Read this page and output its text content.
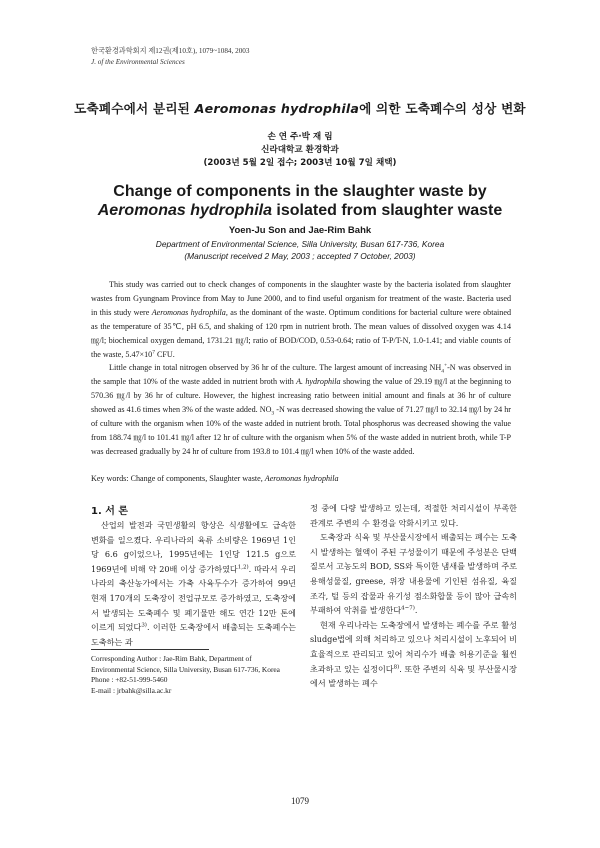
한국환경과학회지 제12권(제10호), 1079~1084, 2003
J. of the Environmental Sciences
도축폐수에서 분리된 Aeromonas hydrophila에 의한 도축폐수의 성상 변화
손 연 주·박 재 림
신라대학교 환경학과
(2003년 5월 2일 접수; 2003년 10월 7일 채택)
Change of components in the slaughter waste by
Aeromonas hydrophila isolated from slaughter waste
Yoen-Ju Son and Jae-Rim Bahk
Department of Environmental Science, Silla University, Busan 617-736, Korea
(Manuscript received 2 May, 2003 ; accepted 7 October, 2003)

This study was carried out to check changes of components in the slaughter waste by the bacteria isolated from slaughter wastes from Gyungnam Province from May to June 2000, and to find useful organism for treatment of the waste. Bacteria used in this study were Aeromonas hydrophila, as the dominant of the waste. Optimum conditions for bacterial culture were obtained as the temperature of 35℃, pH 6.5, and shaking of 120 rpm in nutrient broth. The mean values of dissolved oxygen was 4.14 ㎎/l; biochemical oxygen demand, 1731.21 ㎎/l; ratio of BOD/COD, 0.53-0.64; ratio of T-P/T-N, 1.0-1.41; and viable counts of the waste, $5.47\times 10^7$ CFU.

Little change in total nitrogen observed by 36 hr of the culture. The largest amount of increasing $NH_4^+-N$ was observed in the sample that 10% of the waste added in nutrient broth with A. hydrophila showing the value of 29.19 ㎎/l at the beginning to 570.36 ㎎/l by 36 hr of culture. However, the highest increasing ratio between initial amount and finals at 36 hr of culture showed as 41.6 times when 3% of the waste added. $NO_3$ -N was decreased showing the value of 71.27 ㎎/l to 32.14 ㎎/l by 24 hr of culture with the organism when 10% of the waste added in nutrient broth. Total phosphorus was decreased showing the value from 188.74 ㎎/l to 101.41 ㎎/l after 12 hr of culture with the organism when 5% of the waste added in nutrient broth, while T-P was decreased gradually by 24 hr of culture from 193.8 to 101.4 ㎎/l when 10% of the waste added.

Key words: Change of components, Slaughter waste, Aeromonas hydrophila
1. 서 론

산업의 발전과 국민생활의 향상은 식생활에도 급속한 변화를 일으켰다. 우리나라의 육류 소비량은 1969년 1인당 6.6 g이었으나, 1995년에는 1인당 121.5 g으로 1969년에 비해 약 20배 이상 증가하였다$^{1,2)}$. 따라서 우리나라의 축산농가에서는 가축 사육두수가 증가하여 99년 현재 170개의 도축장이 전업규모로 증가하였고, 도축장에서 발생되는 도축폐수 및 폐기물만 해도 연간 12만 톤에 이르게 되었다$^{3)}$. 이러한 도축장에서 배출되는 도축폐수는 도축하는 과

정 중에 다량 발생하고 있는데, 적절한 처리시설이 부족한 관계로 주변의 수 환경을 악화시키고 있다.

도축장과 식육 및 부산물시장에서 배출되는 폐수는 도축 시 발생하는 혈액이 주된 구성물이기 때문에 주성분은 단백질로서 고농도의 BOD, SS와 특이한 냄새를 발생하며 주로 용해성물질, greese, 위장 내용물에 기인된 섬유질, 육질 조각, 털 등의 잡물과 유기성 점소화합물 등이 많아 급속히 부패하여 악취를 발생한다$^{4\sim 7)}$.

현재 우리나라는 도축장에서 발생하는 폐수를 주로 활성 sludge법에 의해 처리하고 있으나 처리시설이 노후되어 비효율적으로 관리되고 있어 처리수가 배출 허용기준을 훨씬 초과하고 있는 실정이다$^{8)}$. 또한 주변의 식육 및 부산물시장에서 발생하는 폐수

Corresponding Author : Jae-Rim Bahk, Department of Environmental Science, Silla University, Busan 617-736, Korea
Phone : +82-51-999-5460
E-mail : jrbahk@silla.ac.kr
1079
